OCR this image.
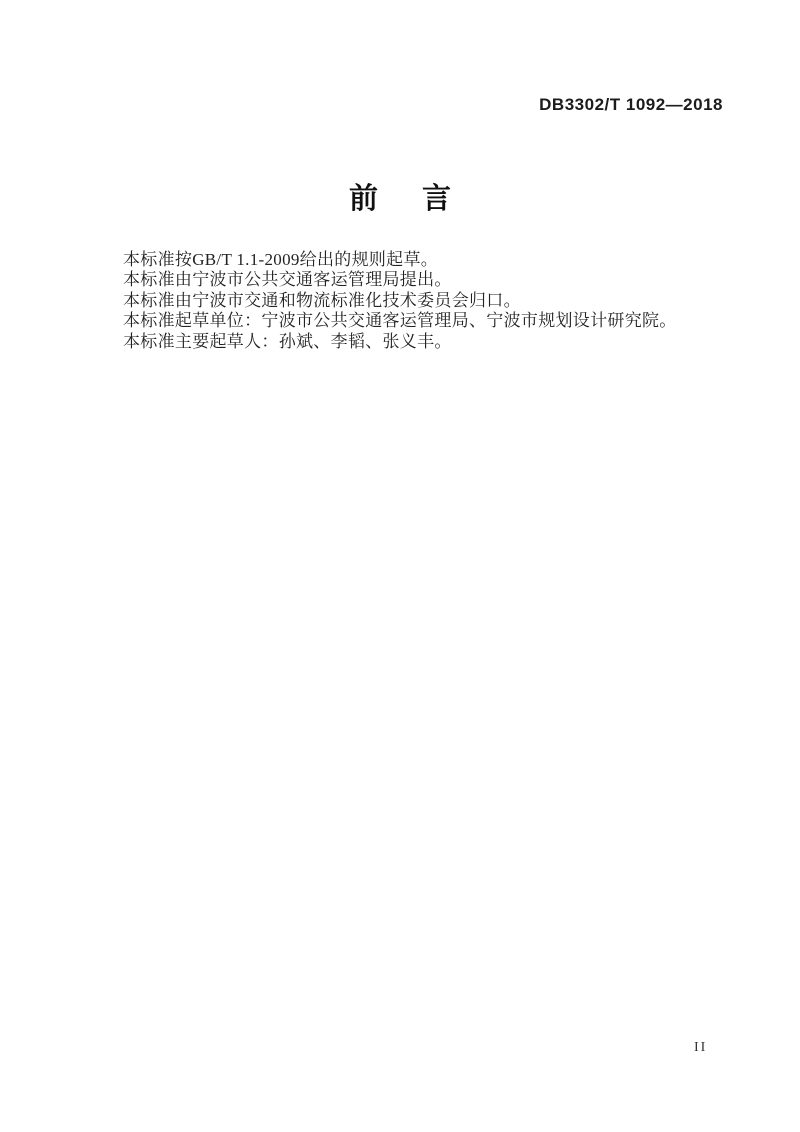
DB3302/T 1092—2018
前 言
本标准按GB/T 1.1-2009给出的规则起草。
本标准由宁波市公共交通客运管理局提出。
本标准由宁波市交通和物流标准化技术委员会归口。
本标准起草单位：宁波市公共交通客运管理局、宁波市规划设计研究院。
本标准主要起草人：孙斌、李韬、张义丰。
II
